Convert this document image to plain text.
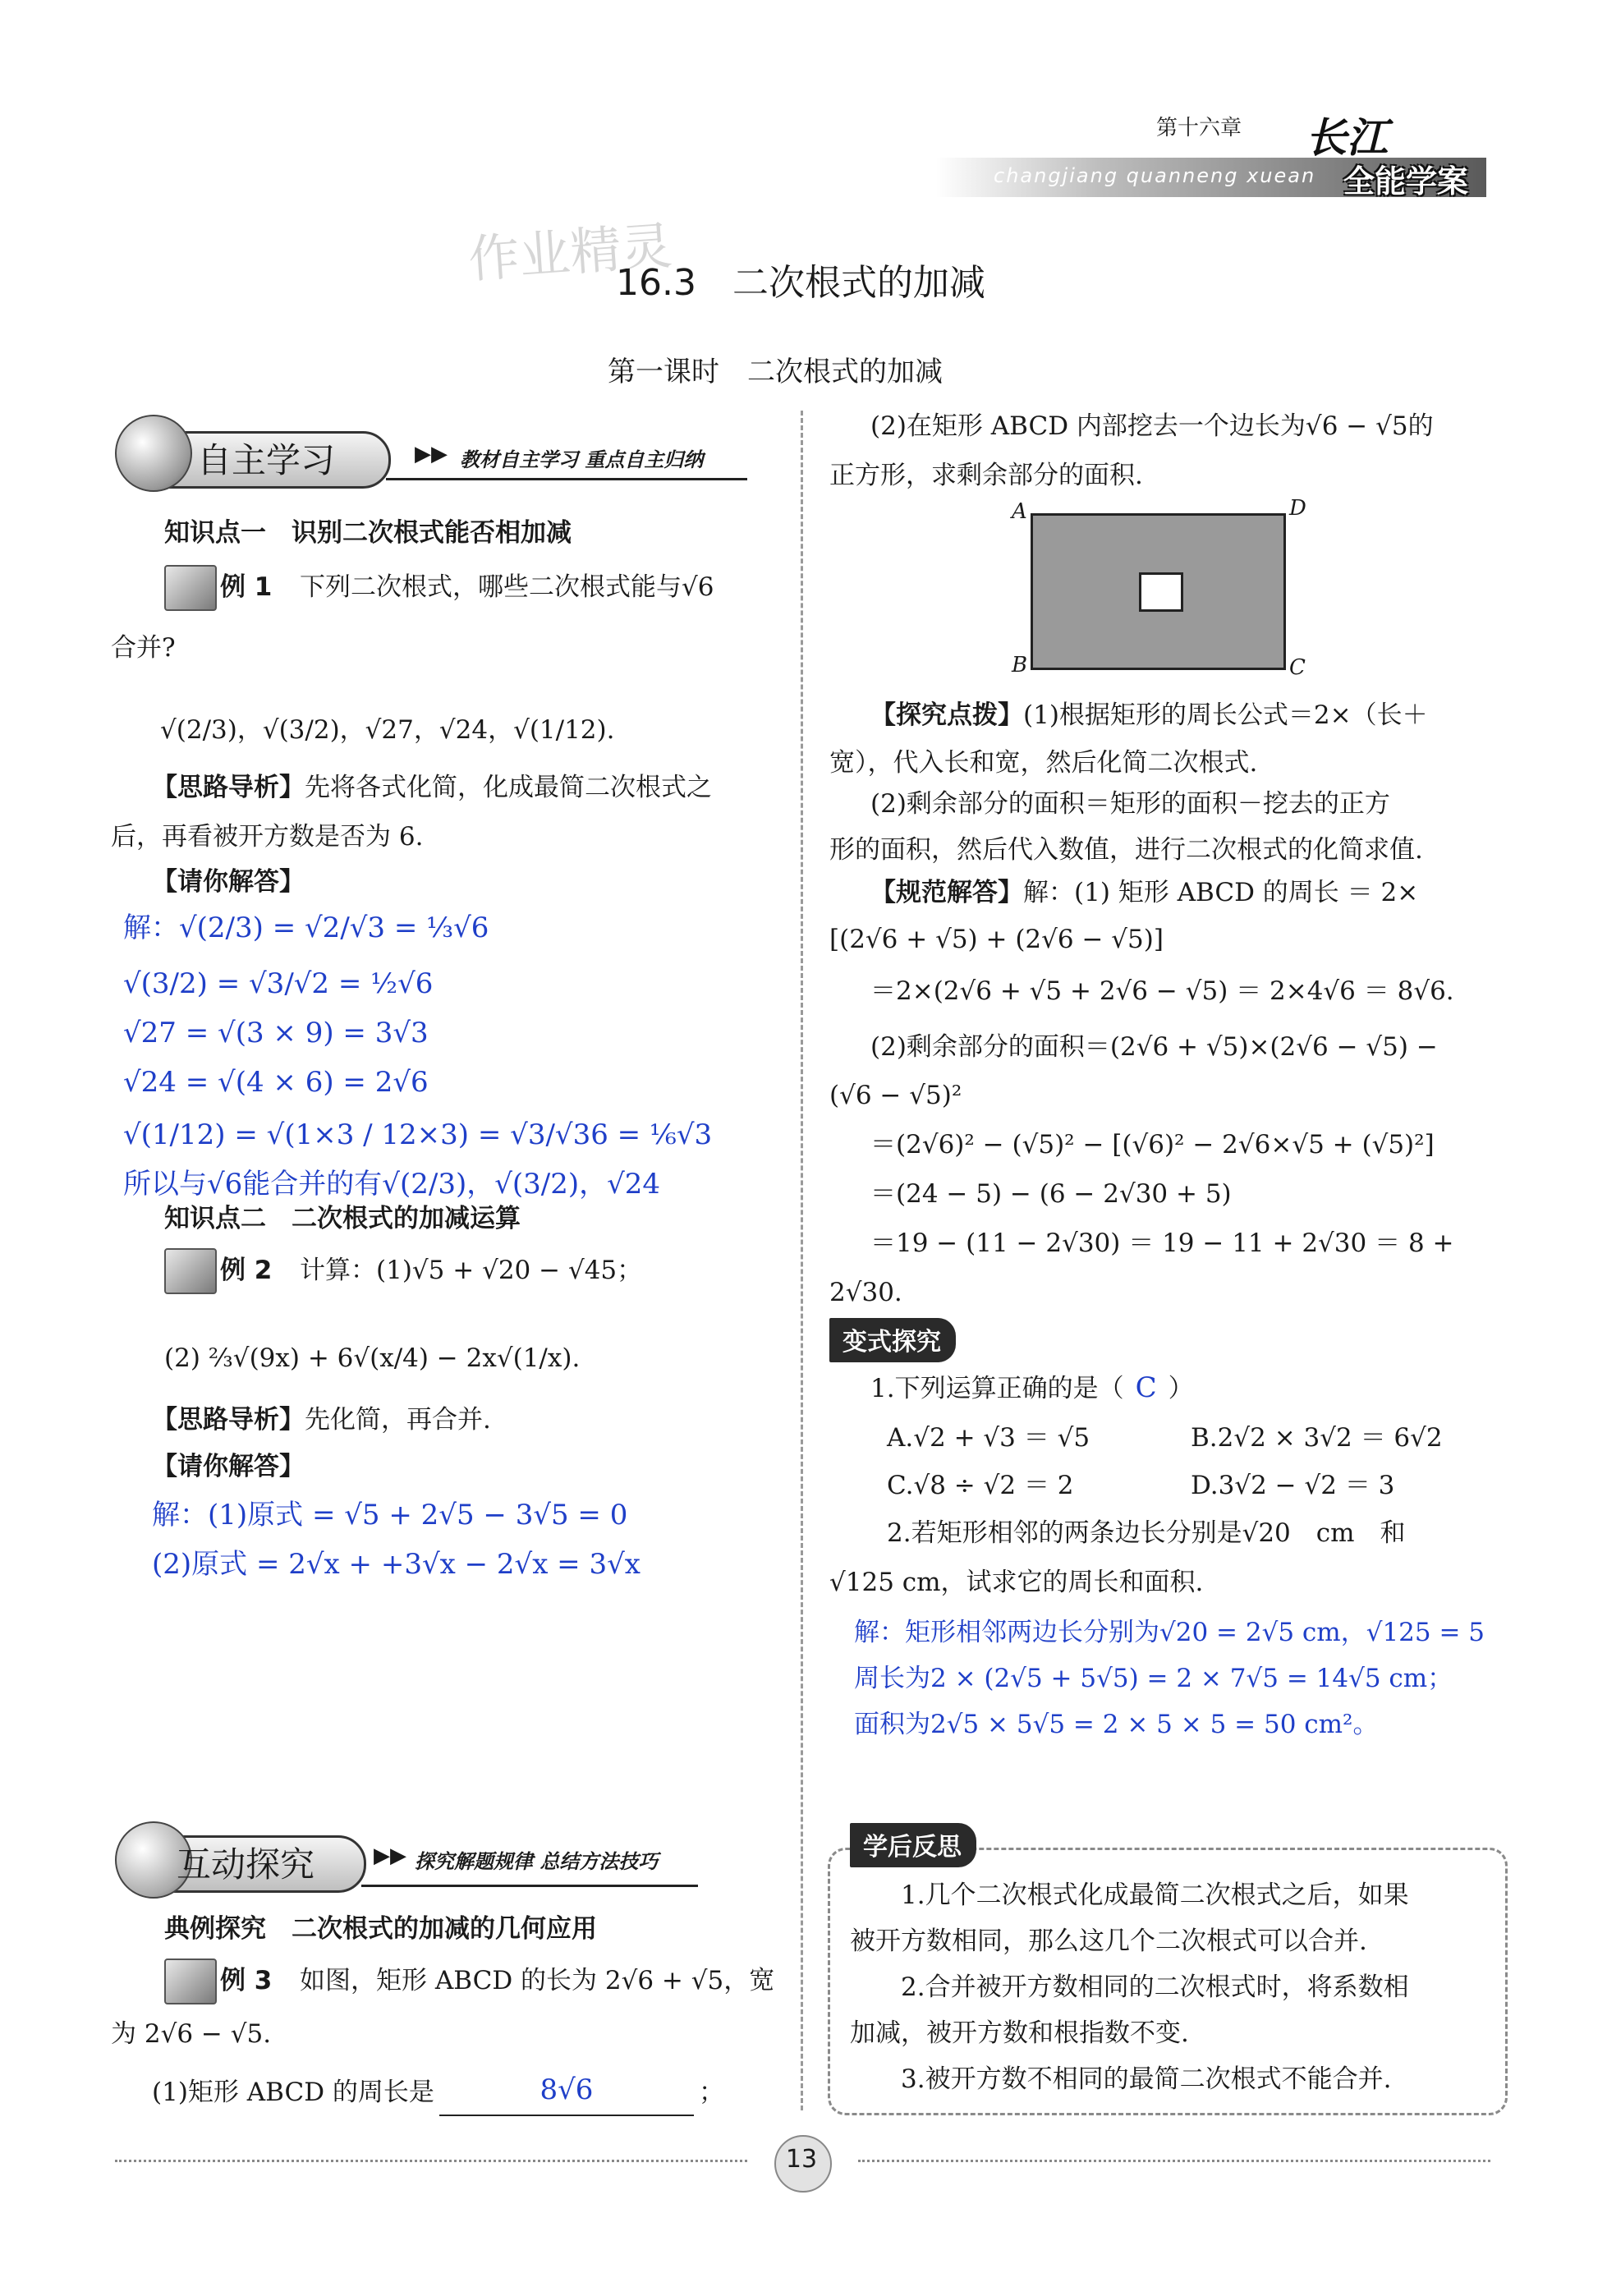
第十六章
changjiang quanneng xuean
长江
全能学案
作业精灵
16.3　二次根式的加减
第一课时　二次根式的加减
自主学习	▶▶ 教材自主学习 重点自主归纳
知识点一　识别二次根式能否相加减
例 1 下列二次根式，哪些二次根式能与√6
合并?
√(2/3)，√(3/2)，√27，√24，√(1/12).
【思路导析】先将各式化简，化成最简二次根式之
后，再看被开方数是否为 6.
【请你解答】
解：√(2/3) = √2/√3 = ⅓√6
√(3/2) = √3/√2 = ½√6
√27 = √(3 × 9) = 3√3
√24 = √(4 × 6) = 2√6
√(1/12) = √(1×3 / 12×3) = √3/√36 = ⅙√3
所以与√6能合并的有√(2/3)，√(3/2)，√24
知识点二　二次根式的加减运算
例 2 计算：(1)√5 + √20 − √45；
(2) ⅔√(9x) + 6√(x/4) − 2x√(1/x).
【思路导析】先化简，再合并.
【请你解答】
解：(1)原式 = √5 + 2√5 − 3√5 = 0
(2)原式 = 2√x + +3√x − 2√x = 3√x
互动探究	▶▶ 探究解题规律 总结方法技巧
典例探究　二次根式的加减的几何应用
例 3 如图，矩形 ABCD 的长为 2√6 + √5，宽
为 2√6 − √5.
(1)矩形 ABCD 的周长是	8√6	；
(2)在矩形 ABCD 内部挖去一个边长为√6 − √5的
正方形，求剩余部分的面积.
A	D
B	C
【探究点拨】(1)根据矩形的周长公式＝2×（长＋
宽），代入长和宽，然后化简二次根式.
(2)剩余部分的面积＝矩形的面积－挖去的正方
形的面积，然后代入数值，进行二次根式的化简求值.
【规范解答】解：(1) 矩形 ABCD 的周长 ＝ 2×
[(2√6 + √5) + (2√6 − √5)]
＝2×(2√6 + √5 + 2√6 − √5) ＝ 2×4√6 ＝ 8√6.
(2)剩余部分的面积＝(2√6 + √5)×(2√6 − √5) −
(√6 − √5)²
＝(2√6)² − (√5)² − [(√6)² − 2√6×√5 + (√5)²]
＝(24 − 5) − (6 − 2√30 + 5)
＝19 − (11 − 2√30) ＝ 19 − 11 + 2√30 ＝ 8 +
2√30.
变式探究
1.下列运算正确的是（ C ）
A.√2 + √3 ＝ √5	B.2√2 × 3√2 ＝ 6√2
C.√8 ÷ √2 ＝ 2	D.3√2 − √2 ＝ 3
2.若矩形相邻的两条边长分别是√20　cm　和
√125 cm，试求它的周长和面积.
解：矩形相邻两边长分别为√20 = 2√5 cm，√125 = 5
周长为2 × (2√5 + 5√5) = 2 × 7√5 = 14√5 cm；
面积为2√5 × 5√5 = 2 × 5 × 5 = 50 cm²。
学后反思
1.几个二次根式化成最简二次根式之后，如果
被开方数相同，那么这几个二次根式可以合并.
2.合并被开方数相同的二次根式时，将系数相
加减，被开方数和根指数不变.
3.被开方数不相同的最简二次根式不能合并.
13
